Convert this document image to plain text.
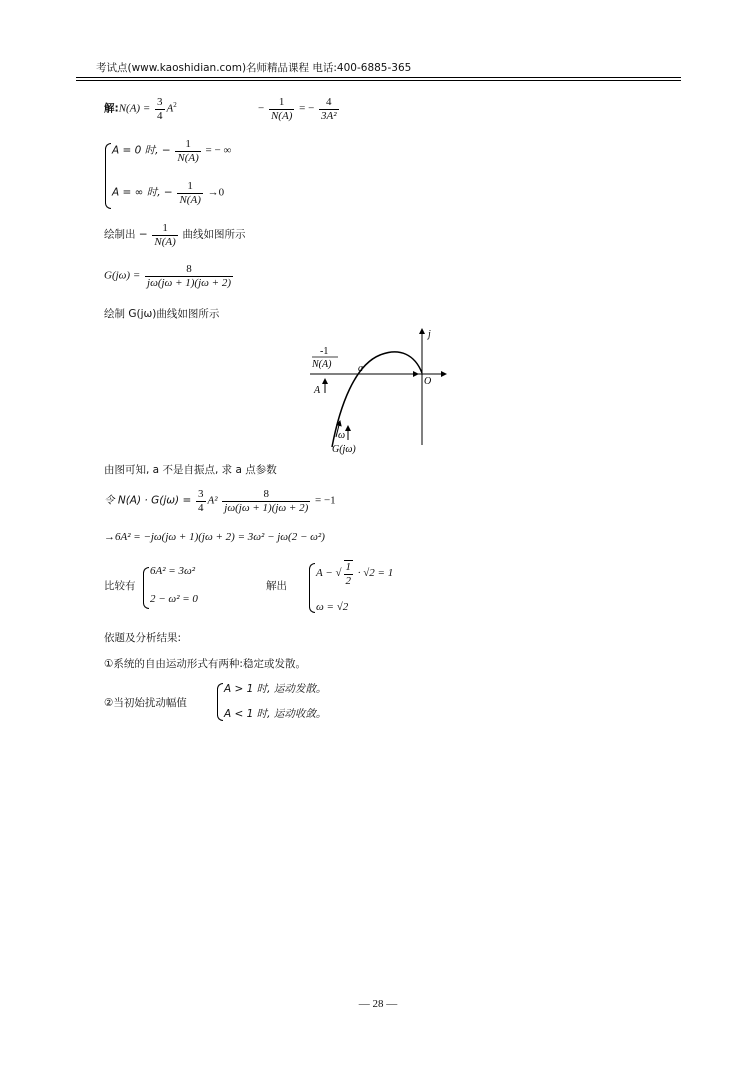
考试点(www.kaoshidian.com)名师精品课程 电话:400-6885-365
解:N(A) = $\frac{3}{4} A^2$	− $\frac{1}{N(A)}$ = − $\frac{4}{\text{3A²}}$
A = 0 时, − $\frac{1}{N(A)}$ = − ∞
A = ∞ 时, − $\frac{1}{N(A)} \to 0$
绘制出 − $\frac{1}{N(A)}$ 曲线如图所示
$G(j\omega) = \frac{8}{j\omega(j\omega + 1)(j\omega + 2)}$
绘制 G(jω)曲线如图所示
j
O
a
-1
N(A)
A
ω
G(jω)
由图可知, a 不是自振点, 求 a 点参数
令 $N(A) \cdot G(j\omega) = \frac{3}{4} A^2 \frac{8}{j\omega(j\omega + 1)(j\omega + 2)} = -1$
→6A² = −jω(jω + 1)(jω + 2) = 3ω² − jω(2 − ω²)
比较有
6A² = 3ω²
2 − ω² = 0
解出
A − √ $\frac{1}{2} \cdot √2 = 1$
ω = √2
依题及分析结果:
①系统的自由运动形式有两种:稳定或发散。
②当初始扰动幅值
A > 1 时, 运动发散。
A < 1 时, 运动收敛。
— 28 —
